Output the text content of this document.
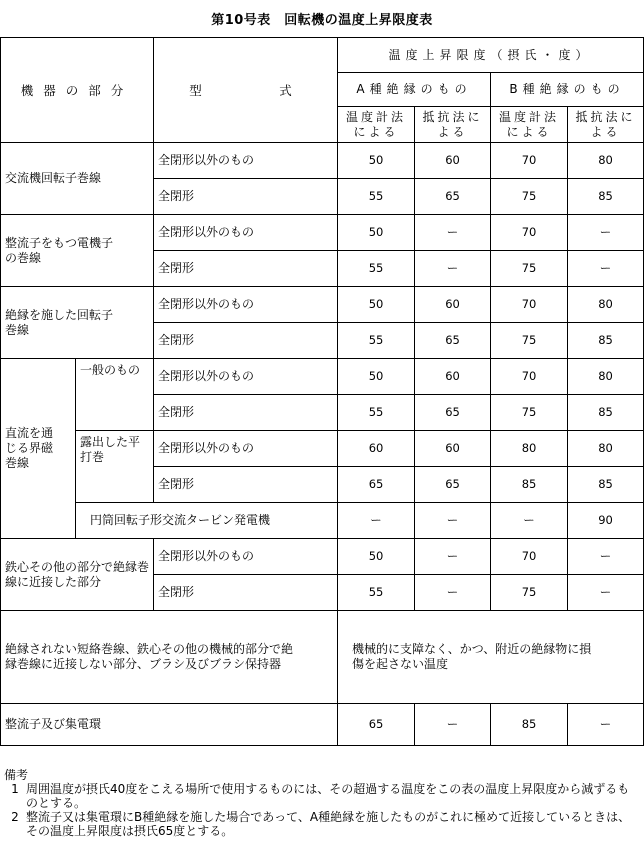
第10号表　回転機の温度上昇限度表
機器の部分		型　　　式	温度上昇限度（摂氏・度）			
			A種絶縁のもの		B種絶縁のもの	
			温度計法による	抵抗法による	温度計法による	抵抗法による
交流機回転子巻線		全閉形以外のもの	50	60	70	80
		全閉形	55	65	75	85
整流子をもつ電機子の巻線		全閉形以外のもの	50	ー	70	ー
		全閉形	55	ー	75	ー
絶縁を施した回転子巻線		全閉形以外のもの	50	60	70	80
		全閉形	55	65	75	85
直流を通じる界磁巻線	一般のもの	全閉形以外のもの	50	60	70	80
		全閉形	55	65	75	85
	露出した平打巻	全閉形以外のもの	60	60	80	80
		全閉形	65	65	85	85
	円筒回転子形交流タービン発電機		ー	ー	ー	90
鉄心その他の部分で絶縁巻線に近接した部分		全閉形以外のもの	50	ー	70	ー
		全閉形	55	ー	75	ー
絶縁されない短絡巻線、鉄心その他の機械的部分で絶縁巻線に近接しない部分、ブラシ及びブラシ保持器			機械的に支障なく、かつ、附近の絶縁物に損傷を起さない温度			
整流子及び集電環			65	ー	85	ー
備考
1 周囲温度が摂氏40度をこえる場所で使用するものには、その超過する温度をこの表の温度上昇限度から減ずるものとする。
2 整流子又は集電環にB種絶縁を施した場合であって、A種絶縁を施したものがこれに極めて近接しているときは、その温度上昇限度は摂氏65度とする。
